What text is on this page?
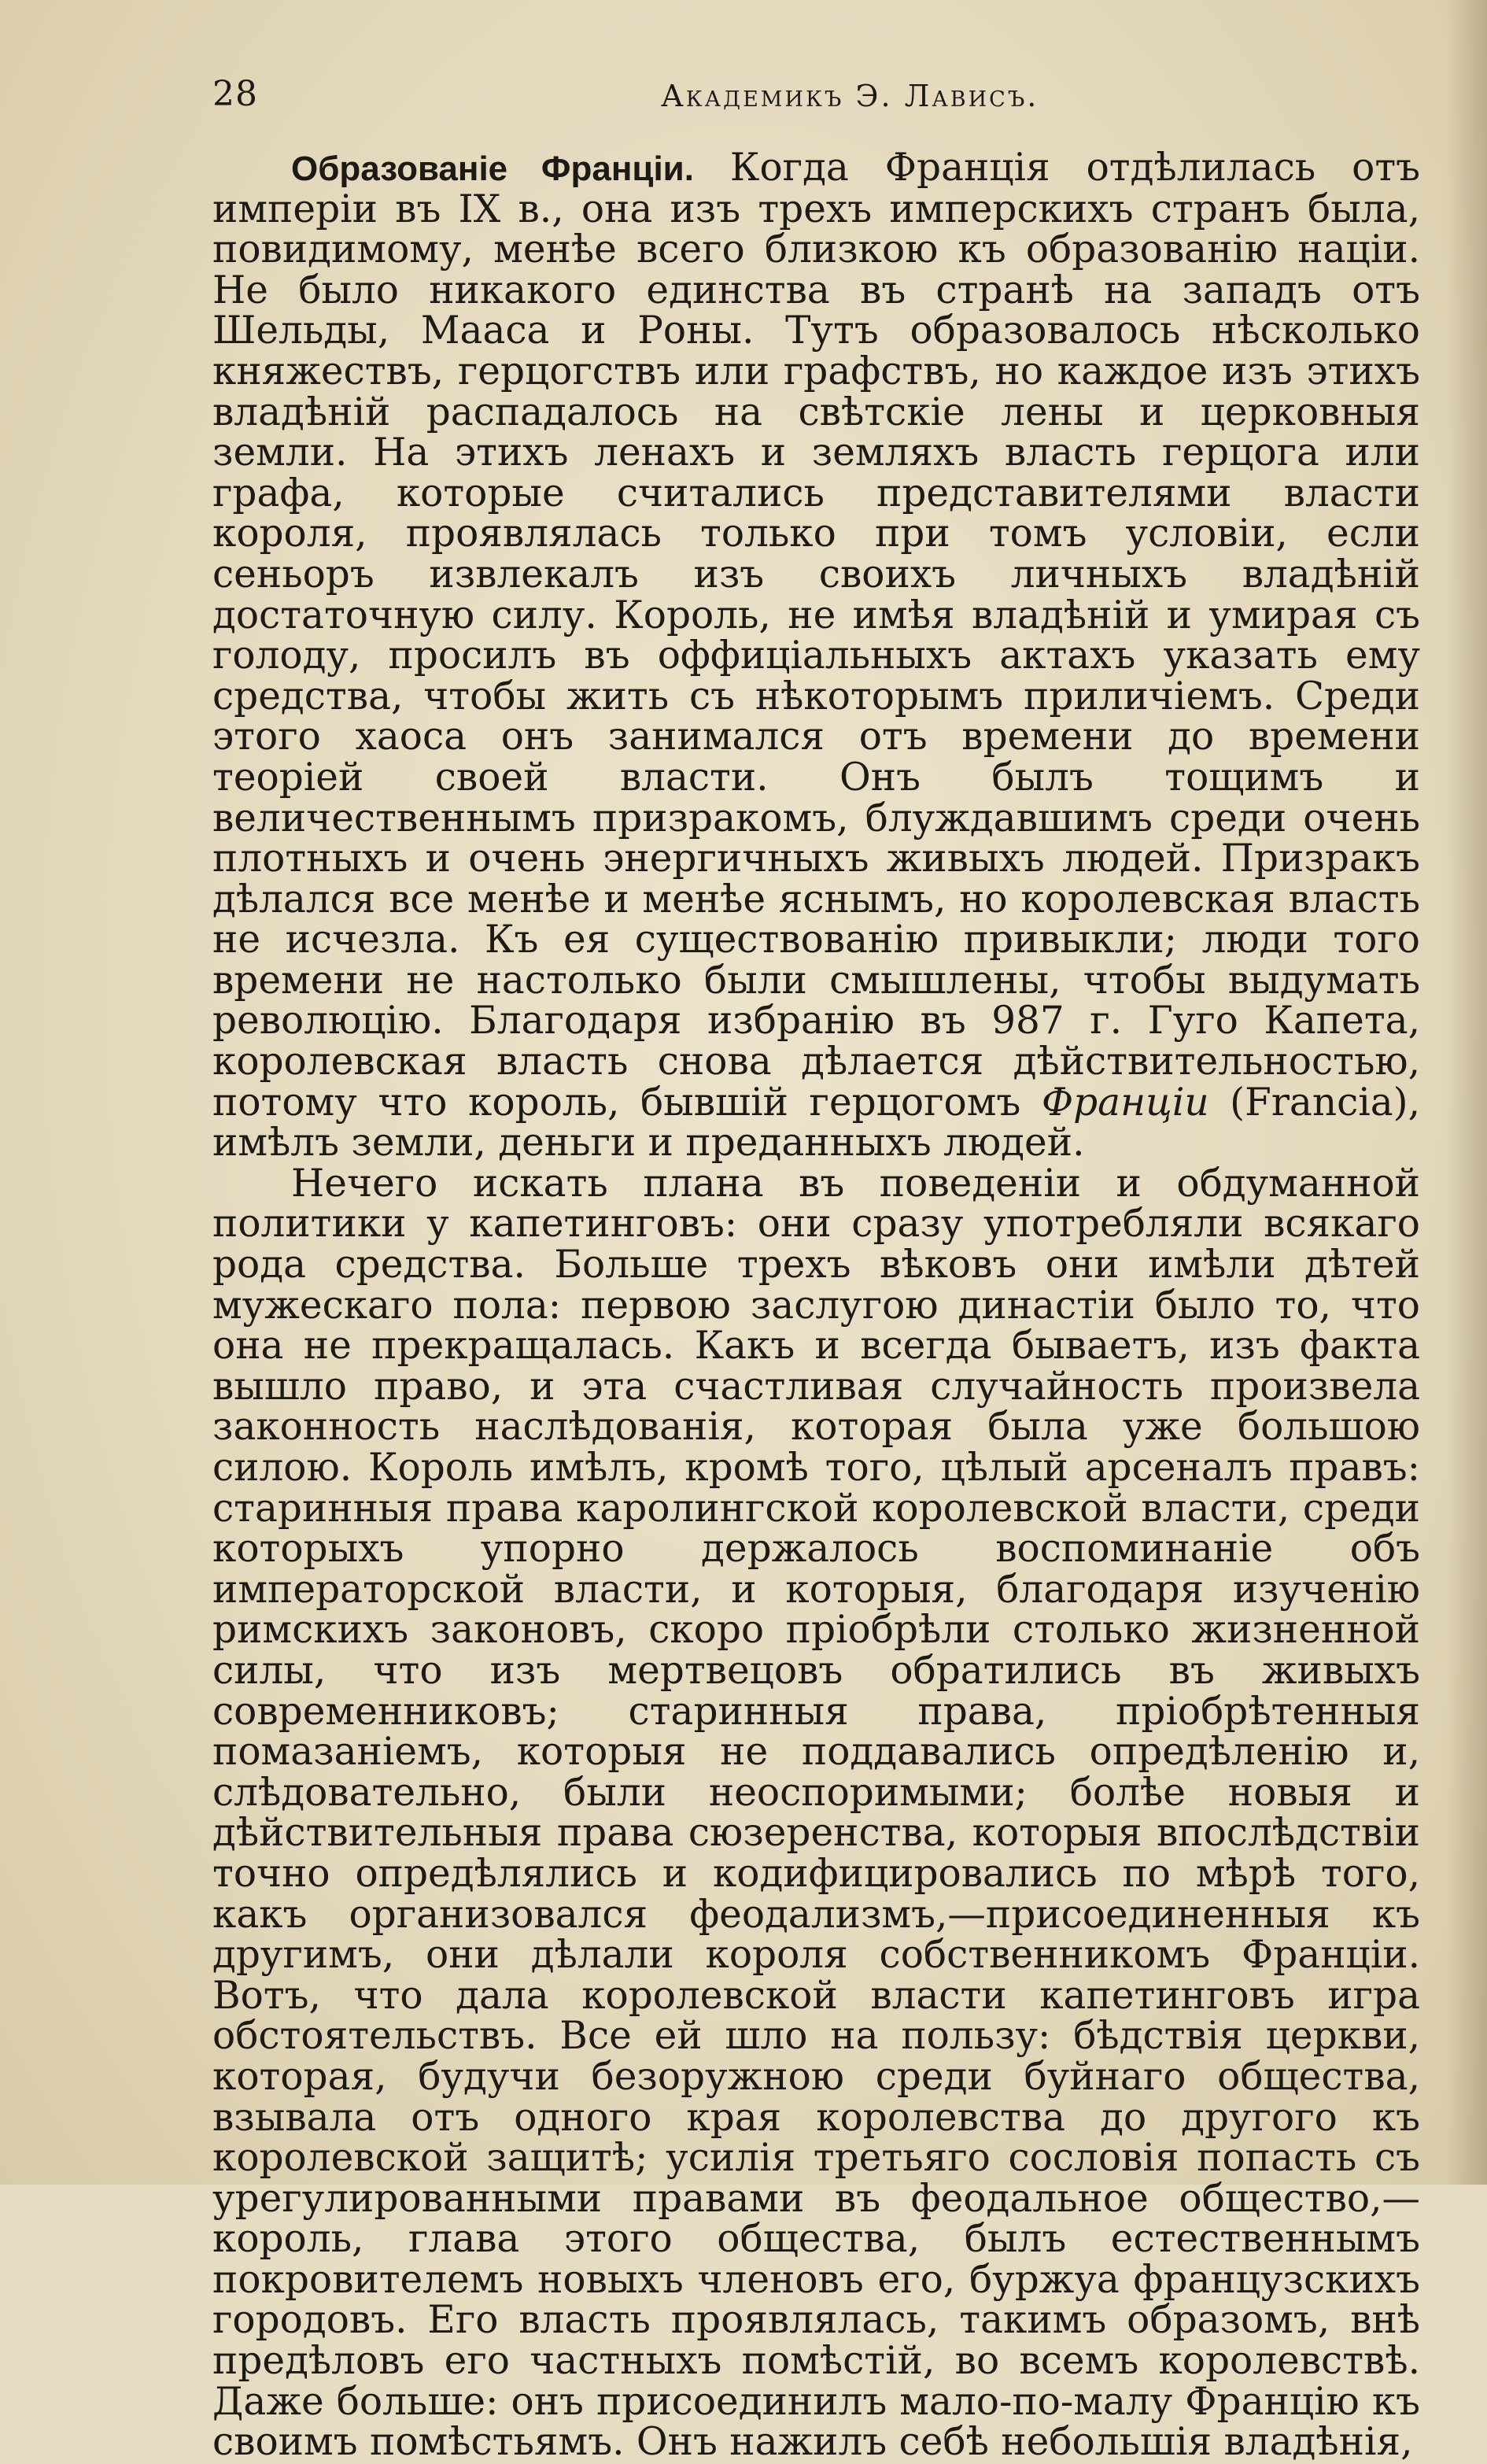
28	Академикъ Э. Лависъ.

Образованіе Франціи. Когда Франція отдѣлилась отъ имперіи въ IX в., она изъ трехъ имперскихъ странъ была, повидимому, менѣе всего близкою къ образованію націи. Не было никакого единства въ странѣ на западъ отъ Шельды, Мааса и Роны. Тутъ образовалось нѣсколько княжествъ, герцогствъ или графствъ, но каждое изъ этихъ владѣній распадалось на свѣтскіе лены и церковныя земли. На этихъ ленахъ и земляхъ власть герцога или графа, которые считались представителями власти короля, проявлялась только при томъ условіи, если сеньоръ извлекалъ изъ своихъ личныхъ владѣній достаточную силу. Король, не имѣя владѣній и умирая съ голоду, просилъ въ оффиціальныхъ актахъ указать ему средства, чтобы жить съ нѣкоторымъ приличіемъ. Среди этого хаоса онъ занимался отъ времени до времени теоріей своей власти. Онъ былъ тощимъ и величественнымъ призракомъ, блуждавшимъ среди очень плотныхъ и очень энергичныхъ живыхъ людей. Призракъ дѣлался все менѣе и менѣе яснымъ, но королевская власть не исчезла. Къ ея существованію привыкли; люди того времени не настолько были смышлены, чтобы выдумать революцію. Благодаря избранію въ 987 г. Гуго Капета, королевская власть снова дѣлается дѣйствительностью, потому что король, бывшій герцогомъ Франціи (Francia), имѣлъ земли, деньги и преданныхъ людей.

Нечего искать плана въ поведеніи и обдуманной политики у капетинговъ: они сразу употребляли всякаго рода средства. Больше трехъ вѣковъ они имѣли дѣтей мужескаго пола: первою заслугою династіи было то, что она не прекращалась. Какъ и всегда бываетъ, изъ факта вышло право, и эта счастливая случайность произвела законность наслѣдованія, которая была уже большою силою. Король имѣлъ, кромѣ того, цѣлый арсеналъ правъ: старинныя права каролингской королевской власти, среди которыхъ упорно держалось воспоминаніе объ императорской власти, и которыя, благодаря изученію римскихъ законовъ, скоро пріобрѣли столько жизненной силы, что изъ мертвецовъ обратились въ живыхъ современниковъ; старинныя права, пріобрѣтенныя помазаніемъ, которыя не поддавались опредѣленію и, слѣдовательно, были неоспоримыми; болѣе новыя и дѣйствительныя права сюзеренства, которыя впослѣдствіи точно опредѣлялись и кодифицировались по мѣрѣ того, какъ организовался феодализмъ,—присоединенныя къ другимъ, они дѣлали короля собственникомъ Франціи. Вотъ, что дала королевской власти капетинговъ игра обстоятельствъ. Все ей шло на пользу: бѣдствія церкви, которая, будучи безоружною среди буйнаго общества, взывала отъ одного края королевства до другого къ королевской защитѣ; усилія третьяго сословія попасть съ урегулированными правами въ феодальное общество,—король, глава этого общества, былъ естественнымъ покровителемъ новыхъ членовъ его, буржуа французскихъ городовъ. Его власть проявлялась, такимъ образомъ, внѣ предѣловъ его частныхъ помѣстій, во всемъ королевствѣ. Даже больше: онъ присоединилъ мало-по-малу Францію къ своимъ помѣстьямъ. Онъ нажилъ себѣ небольшія владѣнія,
